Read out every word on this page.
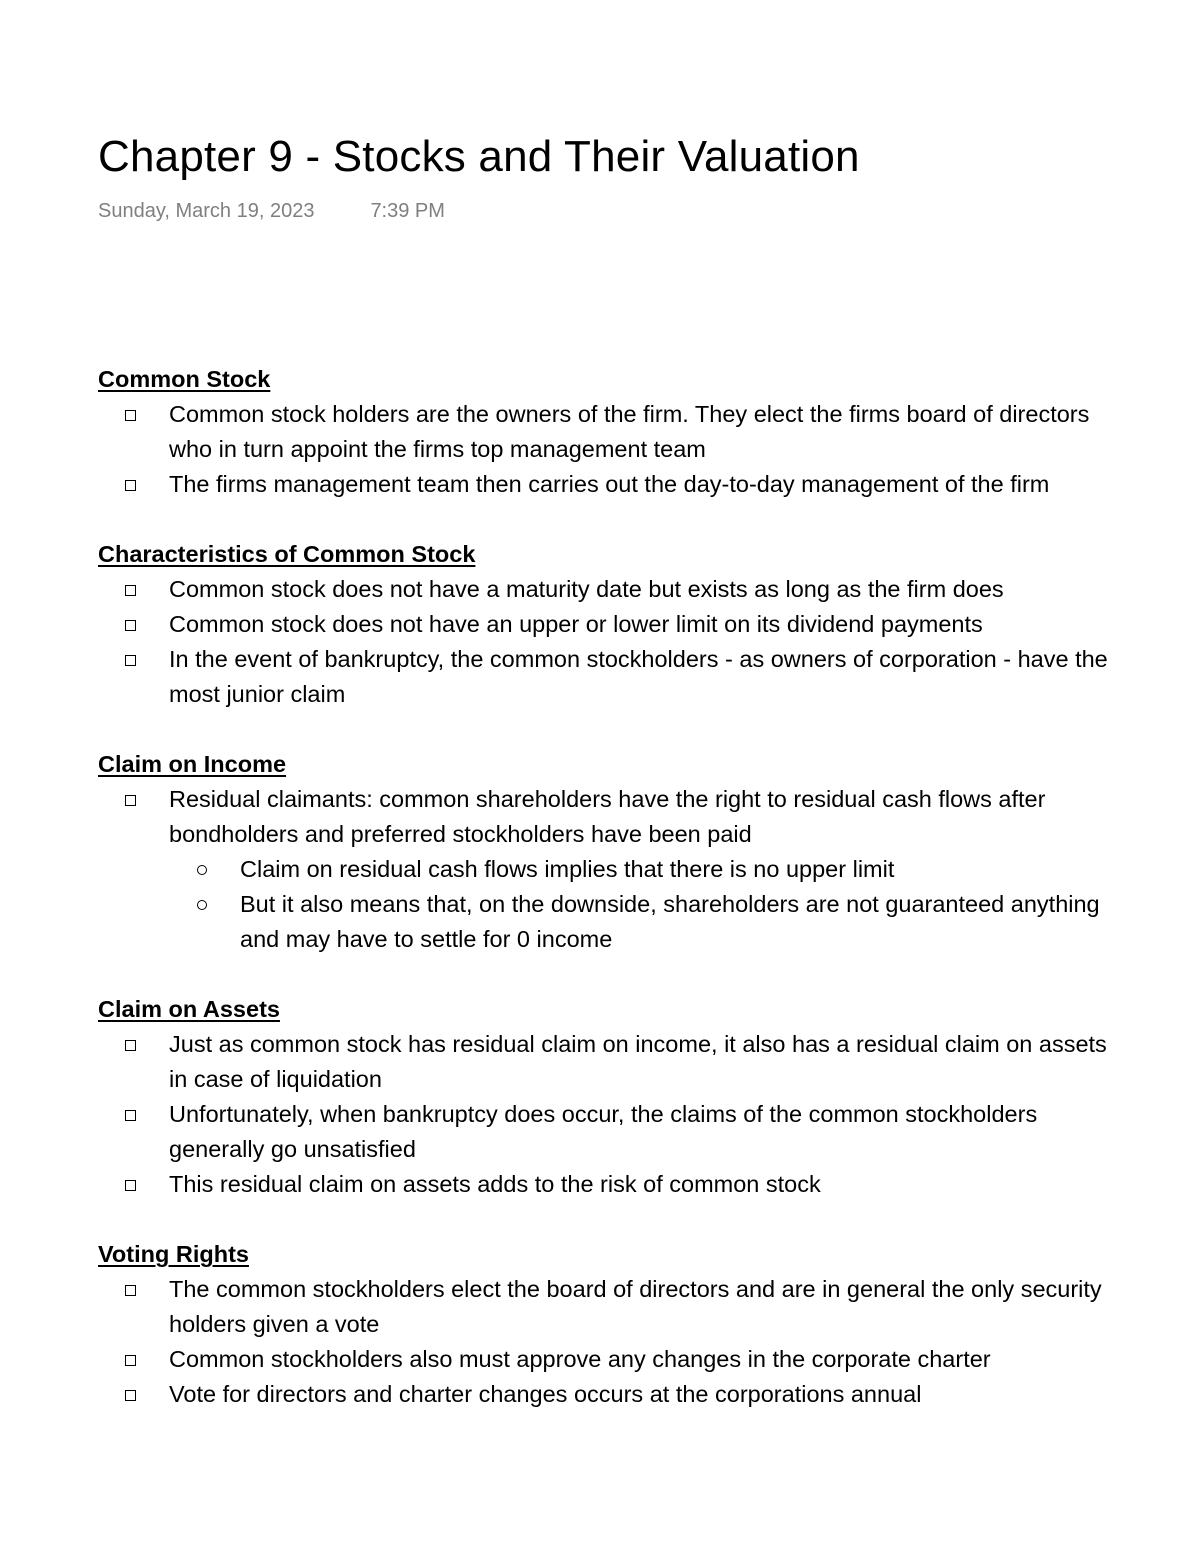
Chapter 9 - Stocks and Their Valuation
Sunday, March 19, 2023	7:39 PM
Common Stock
Common stock holders are the owners of the firm. They elect the firms board of directors who in turn appoint the firms top management team
The firms management team then carries out the day-to-day management of the firm
Characteristics of Common Stock
Common stock does not have a maturity date but exists as long as the firm does
Common stock does not have an upper or lower limit on its dividend payments
In the event of bankruptcy, the common stockholders - as owners of corporation - have the most junior claim
Claim on Income
Residual claimants: common shareholders have the right to residual cash flows after bondholders and preferred stockholders have been paid
Claim on residual cash flows implies that there is no upper limit
But it also means that, on the downside, shareholders are not guaranteed anything and may have to settle for 0 income
Claim on Assets
Just as common stock has residual claim on income, it also has a residual claim on assets in case of liquidation
Unfortunately, when bankruptcy does occur, the claims of the common stockholders generally go unsatisfied
This residual claim on assets adds to the risk of common stock
Voting Rights
The common stockholders elect the board of directors and are in general the only security holders given a vote
Common stockholders also must approve any changes in the corporate charter
Vote for directors and charter changes occurs at the corporations annual
